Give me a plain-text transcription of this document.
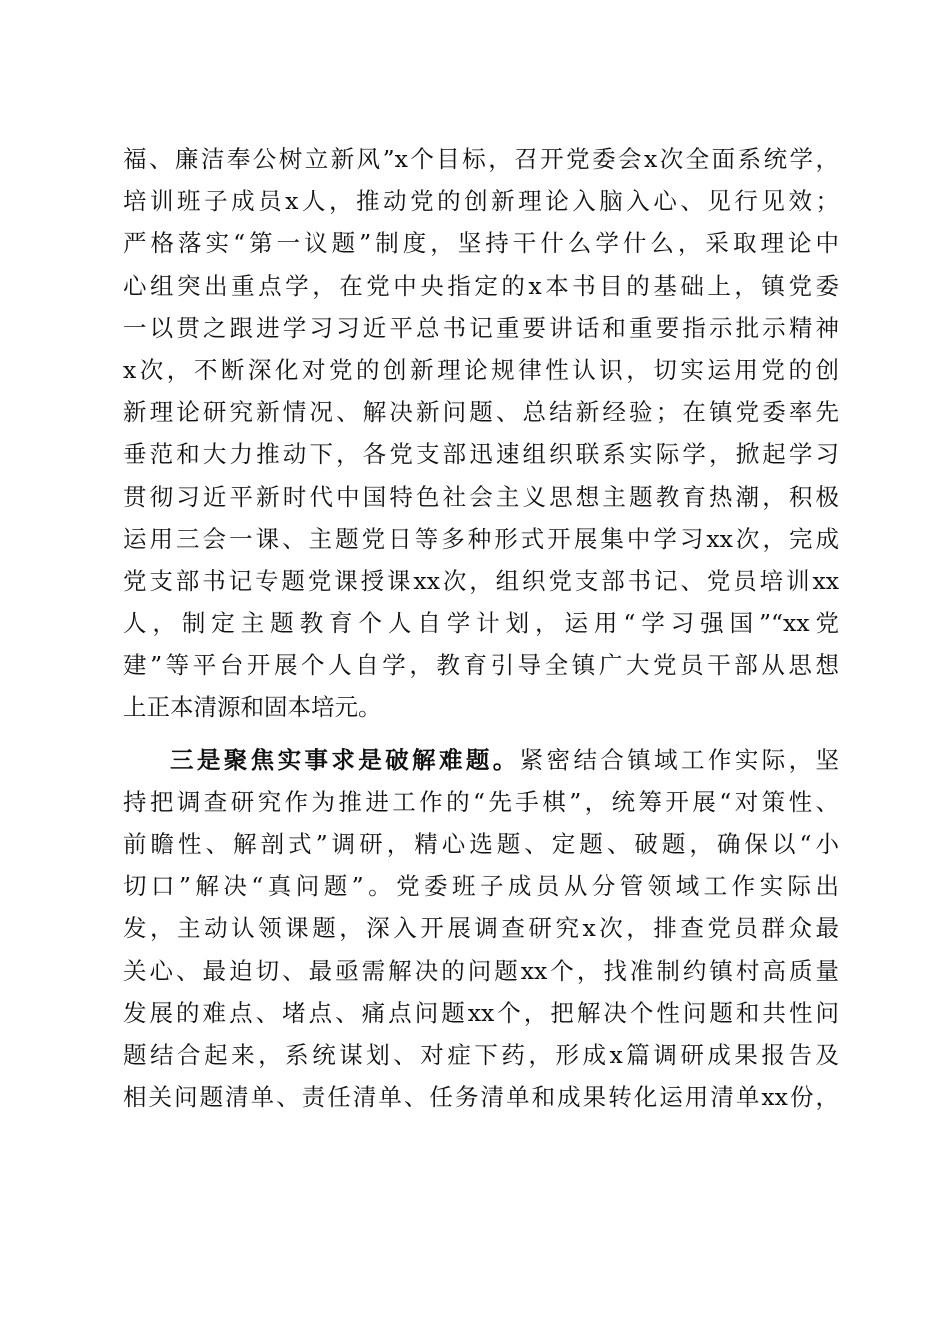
福、廉洁奉公树立新风”x个目标，召开党委会x次全面系统学，
培训班子成员x人，推动党的创新理论入脑入心、见行见效；
严格落实“第一议题”制度，坚持干什么学什么，采取理论中
心组突出重点学，在党中央指定的x本书目的基础上，镇党委
一以贯之跟进学习习近平总书记重要讲话和重要指示批示精神
x次，不断深化对党的创新理论规律性认识，切实运用党的创
新理论研究新情况、解决新问题、总结新经验；在镇党委率先
垂范和大力推动下，各党支部迅速组织联系实际学，掀起学习
贯彻习近平新时代中国特色社会主义思想主题教育热潮，积极
运用三会一课、主题党日等多种形式开展集中学习xx次，完成
党支部书记专题党课授课xx次，组织党支部书记、党员培训xx
人，制定主题教育个人自学计划，运用“学习强国”“xx党
建”等平台开展个人自学，教育引导全镇广大党员干部从思想
上正本清源和固本培元。
三是聚焦实事求是破解难题。紧密结合镇域工作实际，坚
持把调查研究作为推进工作的“先手棋”，统筹开展“对策性、
前瞻性、解剖式”调研，精心选题、定题、破题，确保以“小
切口”解决“真问题”。党委班子成员从分管领域工作实际出
发，主动认领课题，深入开展调查研究x次，排查党员群众最
关心、最迫切、最亟需解决的问题xx个，找准制约镇村高质量
发展的难点、堵点、痛点问题xx个，把解决个性问题和共性问
题结合起来，系统谋划、对症下药，形成x篇调研成果报告及
相关问题清单、责任清单、任务清单和成果转化运用清单xx份，
